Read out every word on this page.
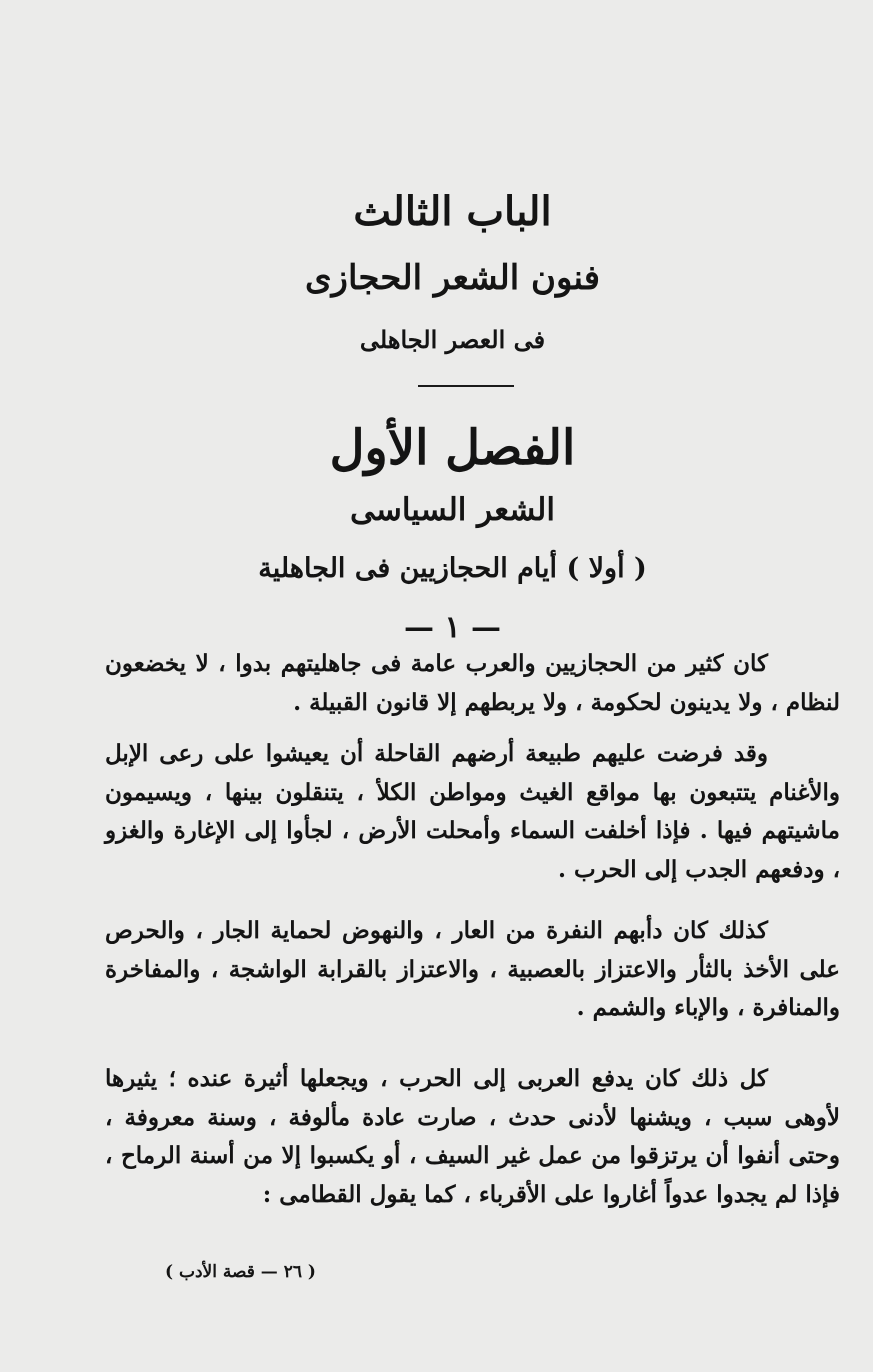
الباب الثالث
فنون الشعر الحجازى
فى العصر الجاهلى
الفصل الأول
الشعر السياسى
( أولا ) أيام الحجازيين فى الجاهلية
— ١ —

كان كثير من الحجازيين والعرب عامة فى جاهليتهم بدوا ، لا يخضعون لنظام ، ولا يدينون لحكومة ، ولا يربطهم إلا قانون القبيلة .

وقد فرضت عليهم طبيعة أرضهم القاحلة أن يعيشوا على رعى الإبل والأغنام يتتبعون بها مواقع الغيث ومواطن الكلأ ، يتنقلون بينها ، ويسيمون ماشيتهم فيها . فإذا أخلفت السماء وأمحلت الأرض ، لجأوا إلى الإغارة والغزو ، ودفعهم الجدب إلى الحرب .

كذلك كان دأبهم النفرة من العار ، والنهوض لحماية الجار ، والحرص على الأخذ بالثأر والاعتزاز بالعصبية ، والاعتزاز بالقرابة الواشجة ، والمفاخرة والمنافرة ، والإباء والشمم .

كل ذلك كان يدفع العربى إلى الحرب ، ويجعلها أثيرة عنده ؛ يثيرها لأوهى سبب ، ويشنها لأدنى حدث ، صارت عادة مألوفة ، وسنة معروفة ، وحتى أنفوا أن يرتزقوا من عمل غير السيف ، أو يكسبوا إلا من أسنة الرماح ، فإذا لم يجدوا عدواً أغاروا على الأقرباء ، كما يقول القطامى :

( ٢٦ — قصة الأدب )
